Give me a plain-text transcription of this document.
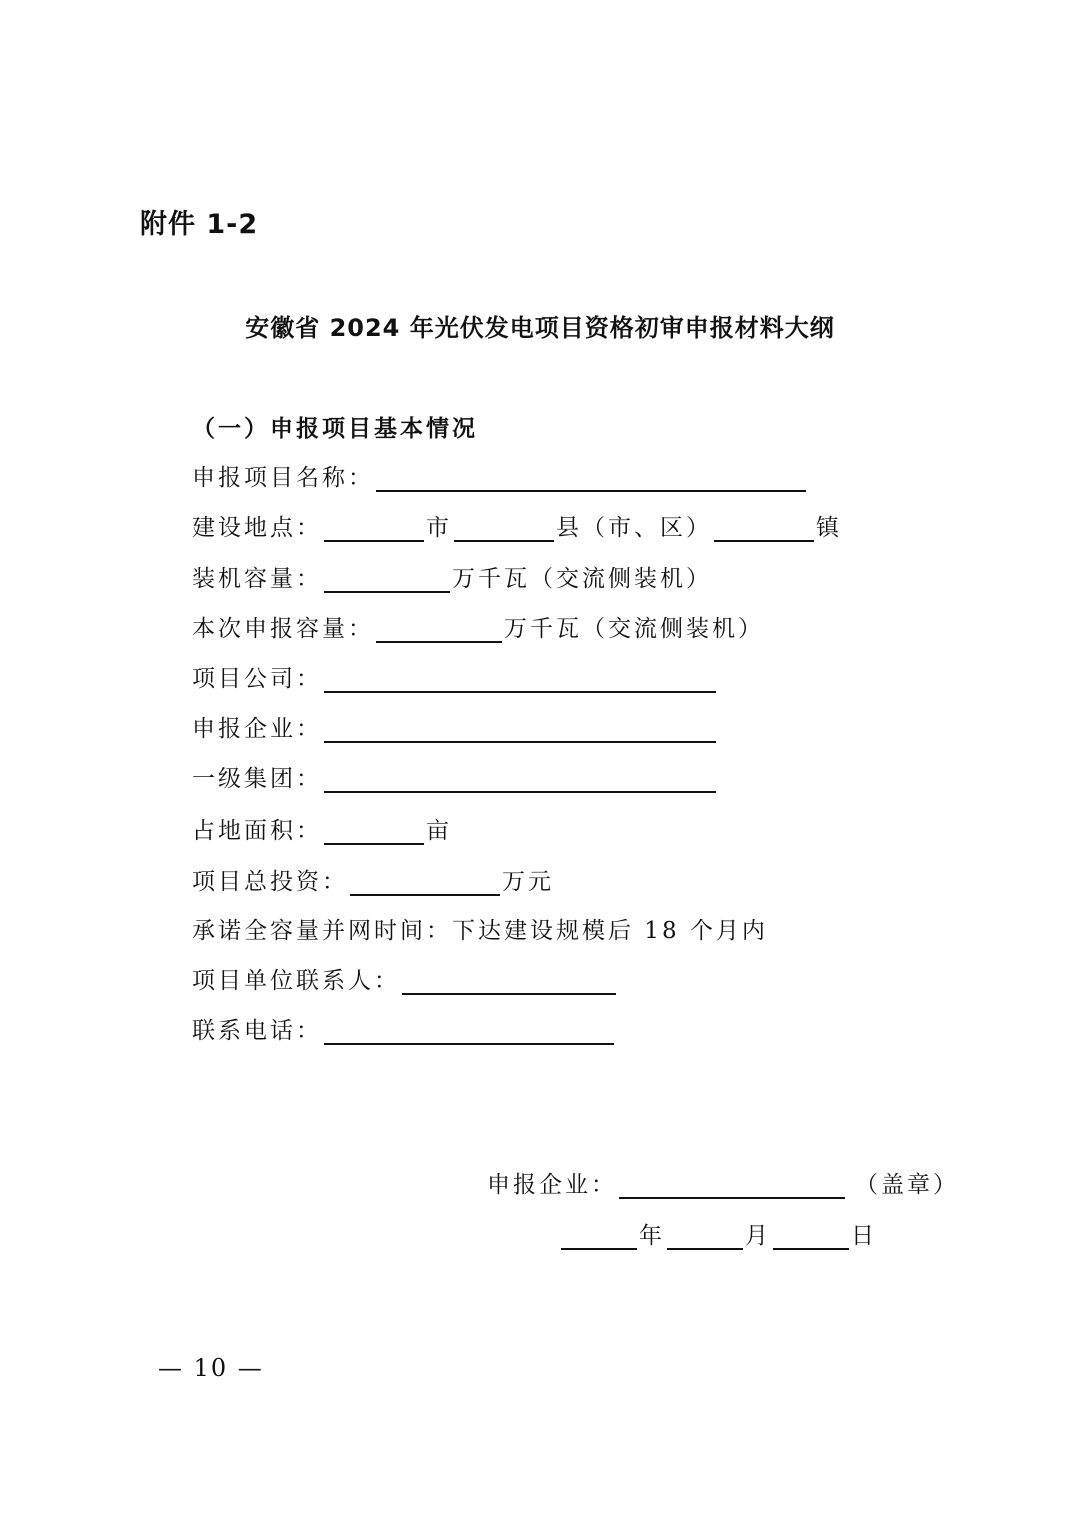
附件 1-2
安徽省 2024 年光伏发电项目资格初审申报材料大纲
（一）申报项目基本情况
申报项目名称：
建设地点：	市	县（市、区）	镇
装机容量：	万千瓦（交流侧装机）
本次申报容量：	万千瓦（交流侧装机）
项目公司：
申报企业：
一级集团：
占地面积：	亩
项目总投资：	万元
承诺全容量并网时间：下达建设规模后 18 个月内
项目单位联系人：
联系电话：
申报企业：	（盖章）
年	月	日
— 10 —
